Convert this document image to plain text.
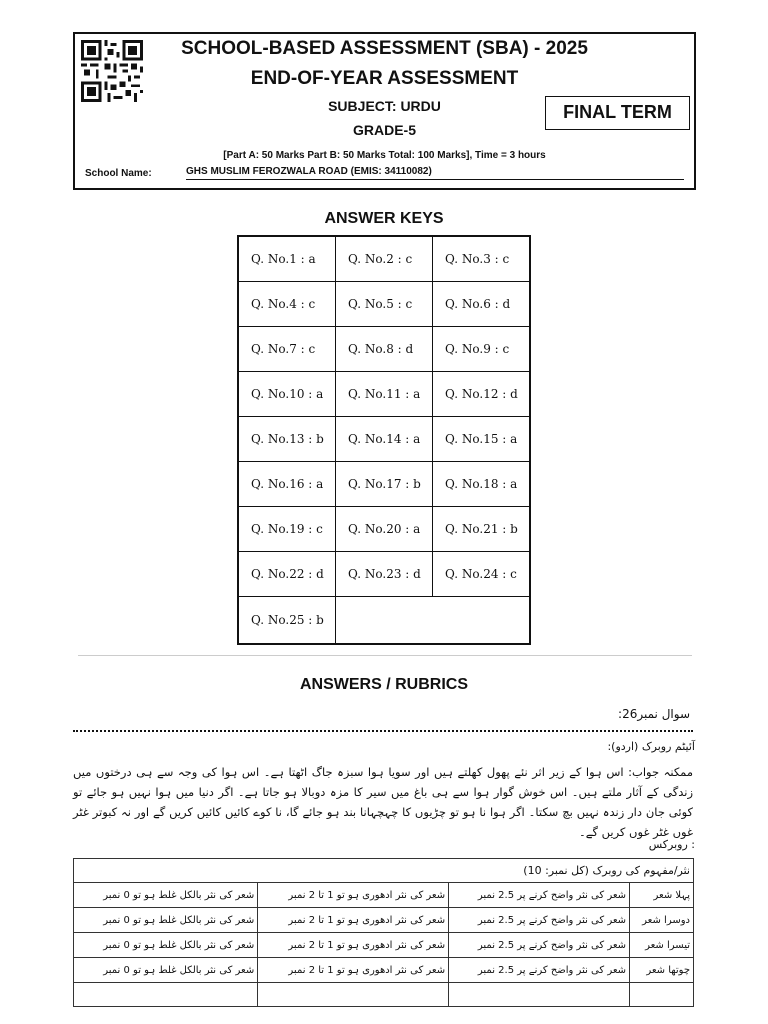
SCHOOL-BASED ASSESSMENT (SBA) - 2025
END-OF-YEAR ASSESSMENT
SUBJECT: URDU
GRADE-5
FINAL TERM
[Part A: 50 Marks Part B: 50 Marks Total: 100 Marks], Time = 3 hours
School Name:	GHS MUSLIM FEROZWALA ROAD (EMIS: 34110082)
ANSWER KEYS
Q. No.1 : a	Q. No.2 : c	Q. No.3 : c
Q. No.4 : c	Q. No.5 : c	Q. No.6 : d
Q. No.7 : c	Q. No.8 : d	Q. No.9 : c
Q. No.10 : a	Q. No.11 : a	Q. No.12 : d
Q. No.13 : b	Q. No.14 : a	Q. No.15 : a
Q. No.16 : a	Q. No.17 : b	Q. No.18 : a
Q. No.19 : c	Q. No.20 : a	Q. No.21 : b
Q. No.22 : d	Q. No.23 : d	Q. No.24 : c
Q. No.25 : b
ANSWERS / RUBRICS
سوال نمبر26:
آئیٹم روبرک (اردو):
ممکنہ جواب: اس ہوا کے زیر اثر نئے پھول کھلتے ہیں اور سویا ہوا سبزہ جاگ اٹھتا ہے۔ اس ہوا کی وجہ سے ہی درختوں میں زندگی کے آثار ملتے ہیں۔ اس خوش گوار ہوا سے ہی باغ میں سیر کا مزہ دوبالا ہو جاتا ہے۔ اگر دنیا میں ہوا نہیں ہو جائے تو کوئی جان دار زندہ نہیں بچ سکتا۔ اگر ہوا نا ہو تو چڑیوں کا چہچہانا بند ہو جائے گا، نا کوے کائیں کائیں کریں گے اور نہ کبوتر غٹر غوں غٹر غوں کریں گے۔
: روبرکس
نثر/مفہوم کی روبرک (کل نمبر: 10)			
پہلا شعر	شعر کی نثر واضح کرنے پر 2.5 نمبر	شعر کی نثر ادھوری ہو تو 1 تا 2 نمبر	شعر کی نثر بالکل غلط ہو تو 0 نمبر
دوسرا شعر	شعر کی نثر واضح کرنے پر 2.5 نمبر	شعر کی نثر ادھوری ہو تو 1 تا 2 نمبر	شعر کی نثر بالکل غلط ہو تو 0 نمبر
تیسرا شعر	شعر کی نثر واضح کرنے پر 2.5 نمبر	شعر کی نثر ادھوری ہو تو 1 تا 2 نمبر	شعر کی نثر بالکل غلط ہو تو 0 نمبر
چوتھا شعر	شعر کی نثر واضح کرنے پر 2.5 نمبر	شعر کی نثر ادھوری ہو تو 1 تا 2 نمبر	شعر کی نثر بالکل غلط ہو تو 0 نمبر
